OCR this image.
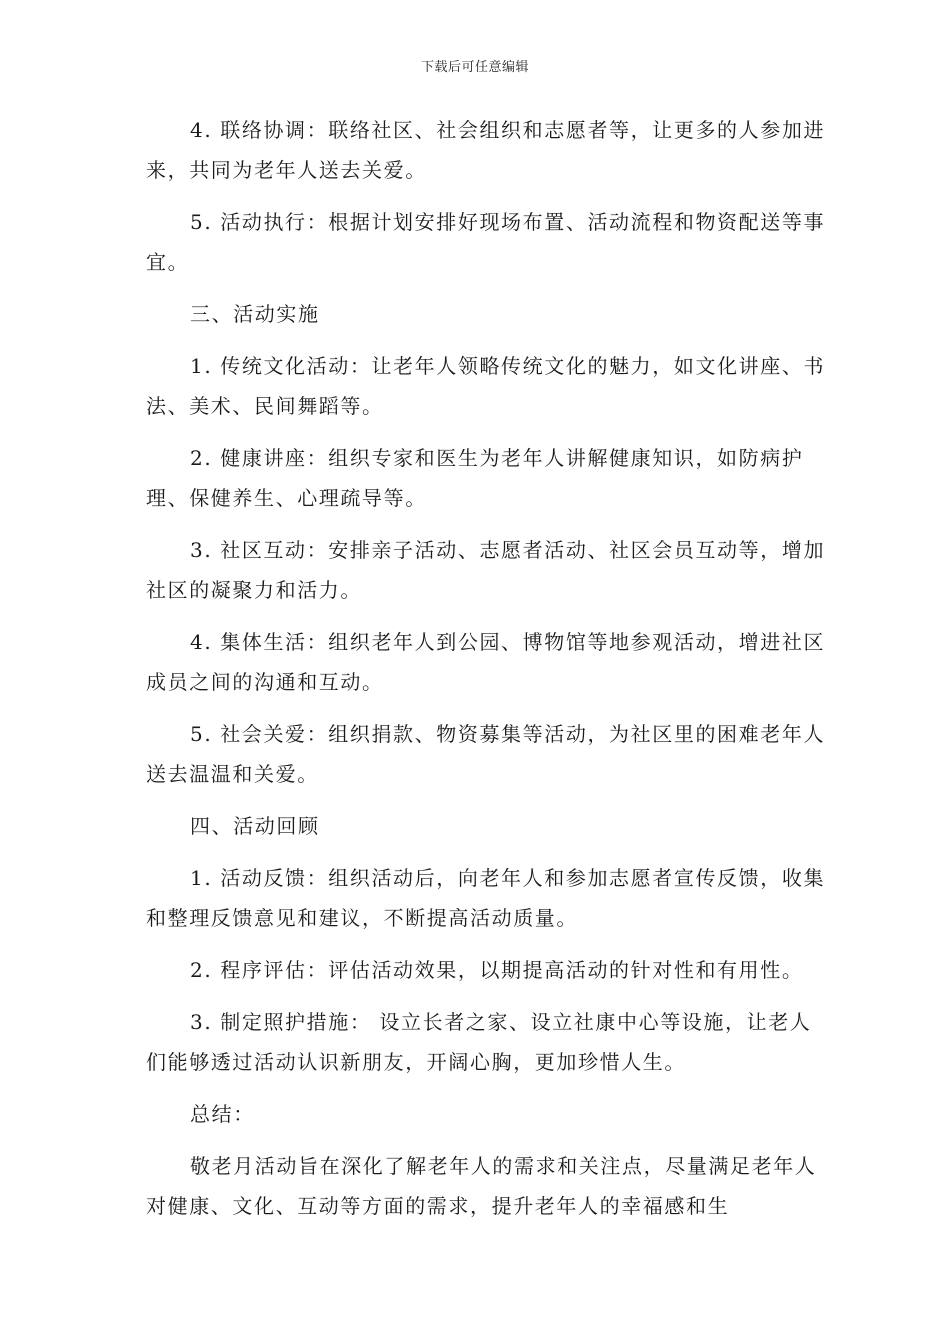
下载后可任意编辑

4. 联络协调：联络社区、社会组织和志愿者等，让更多的人参加进来，共同为老年人送去关爱。

5. 活动执行：根据计划安排好现场布置、活动流程和物资配送等事宜。

三、活动实施

1. 传统文化活动：让老年人领略传统文化的魅力，如文化讲座、书法、美术、民间舞蹈等。

2. 健康讲座：组织专家和医生为老年人讲解健康知识，如防病护理、保健养生、心理疏导等。

3. 社区互动：安排亲子活动、志愿者活动、社区会员互动等，增加社区的凝聚力和活力。

4. 集体生活：组织老年人到公园、博物馆等地参观活动，增进社区成员之间的沟通和互动。

5. 社会关爱：组织捐款、物资募集等活动，为社区里的困难老年人送去温温和关爱。

四、活动回顾

1. 活动反馈：组织活动后，向老年人和参加志愿者宣传反馈，收集和整理反馈意见和建议，不断提高活动质量。

2. 程序评估：评估活动效果，以期提高活动的针对性和有用性。

3. 制定照护措施： 设立长者之家、设立社康中心等设施，让老人们能够透过活动认识新朋友，开阔心胸，更加珍惜人生。

总结：

敬老月活动旨在深化了解老年人的需求和关注点，尽量满足老年人对健康、文化、互动等方面的需求，提升老年人的幸福感和生
